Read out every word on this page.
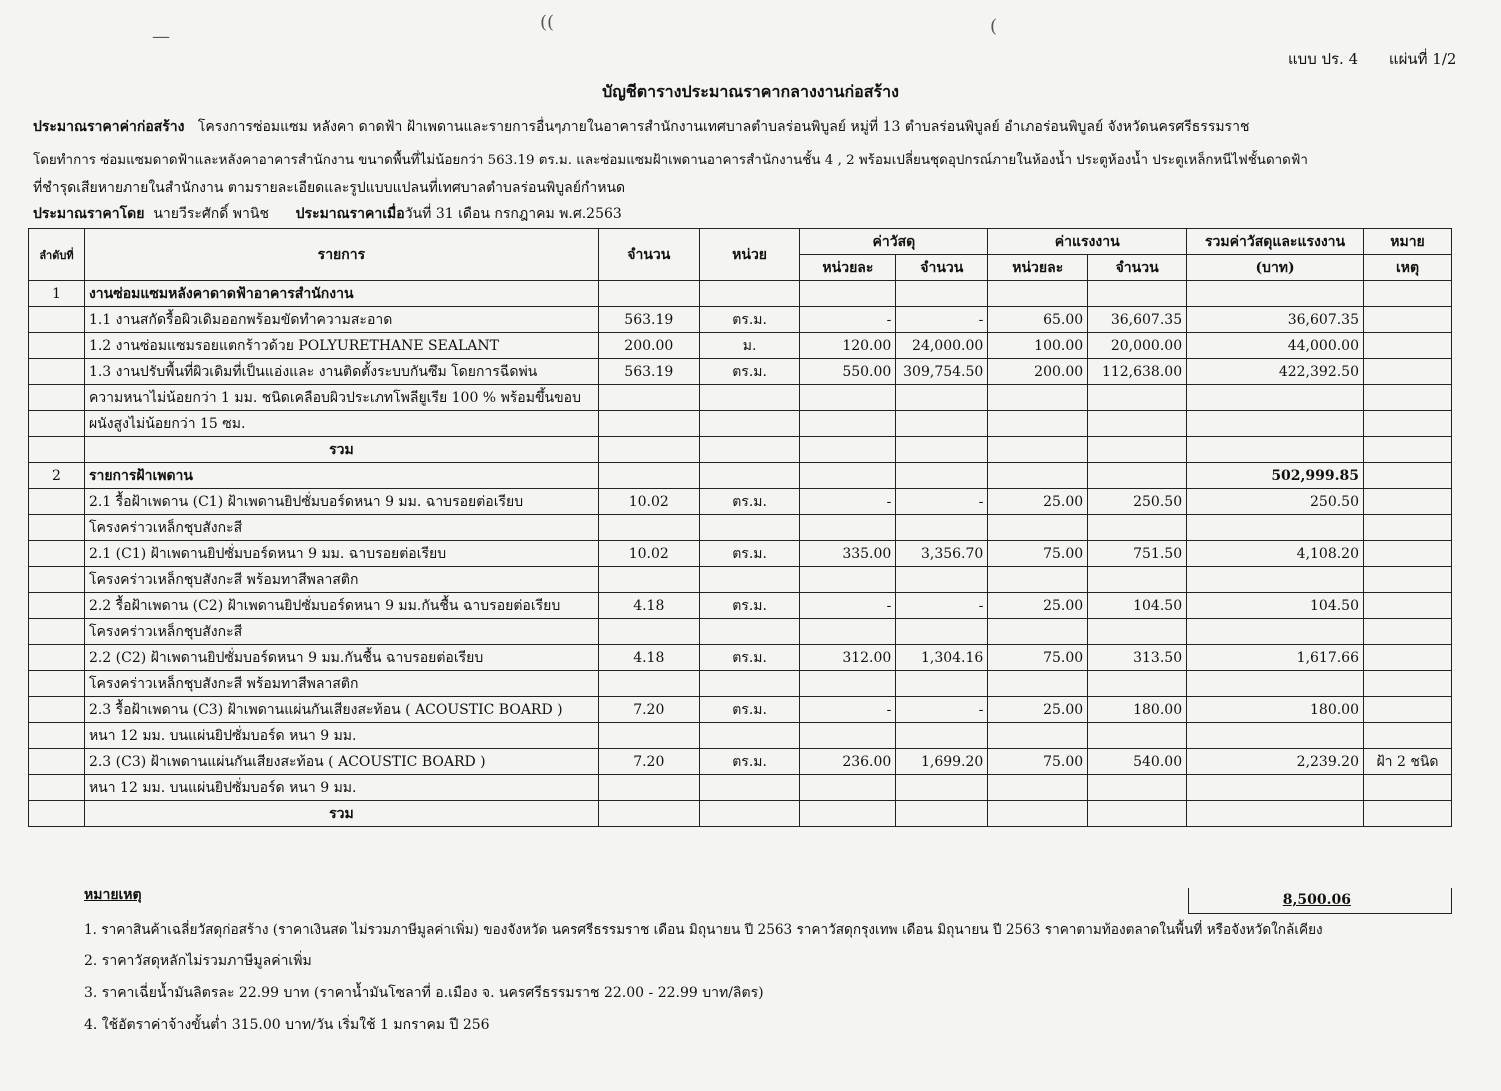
—
((	(
แบบ ปร. 4 แผ่นที่ 1/2
บัญชีตารางประมาณราคากลางงานก่อสร้าง
ประมาณราคาค่าก่อสร้าง โครงการซ่อมแซม หลังคา ดาดฟ้า ฝ้าเพดานและรายการอื่นๆภายในอาคารสำนักงานเทศบาลตำบลร่อนพิบูลย์ หมู่ที่ 13 ตำบลร่อนพิบูลย์ อำเภอร่อนพิบูลย์ จังหวัดนครศรีธรรมราช
โดยทำการ ซ่อมแซมดาดฟ้าและหลังคาอาคารสำนักงาน ขนาดพื้นที่ไม่น้อยกว่า 563.19 ตร.ม. และซ่อมแซมฝ้าเพดานอาคารสำนักงานชั้น 4 , 2 พร้อมเปลี่ยนชุดอุปกรณ์ภายในห้องน้ำ ประตูห้องน้ำ ประตูเหล็กหนีไฟชั้นดาดฟ้า
ที่ชำรุดเสียหายภายในสำนักงาน ตามรายละเอียดและรูปแบบแปลนที่เทศบาลตำบลร่อนพิบูลย์กำหนด
ประมาณราคาโดย นายวีระศักดิ์ พานิช ประมาณราคาเมื่อวันที่ 31 เดือน กรกฎาคม พ.ศ.2563
ลำดับที่	รายการ	จำนวน	หน่วย	ค่าวัสดุ		ค่าแรงงาน		รวมค่าวัสดุและแรงงาน	หมาย
				หน่วยละ	จำนวน	หน่วยละ	จำนวน	(บาท)	เหตุ
1	งานซ่อมแซมหลังคาดาดฟ้าอาคารสำนักงาน								
	1.1 งานสกัดรื้อผิวเดิมออกพร้อมขัดทำความสะอาด	563.19	ตร.ม.	-	-	65.00	36,607.35	36,607.35	
	1.2 งานซ่อมแซมรอยแตกร้าวด้วย POLYURETHANE SEALANT	200.00	ม.	120.00	24,000.00	100.00	20,000.00	44,000.00	
	1.3 งานปรับพื้นที่ผิวเดิมที่เป็นแอ่งและ งานติดตั้งระบบกันซึม โดยการฉีดพ่น	563.19	ตร.ม.	550.00	309,754.50	200.00	112,638.00	422,392.50	
	ความหนาไม่น้อยกว่า 1 มม. ชนิดเคลือบผิวประเภทโพลียูเรีย 100 % พร้อมขึ้นขอบ								
	ผนังสูงไม่น้อยกว่า 15 ซม.								
	รวม								
2	รายการฝ้าเพดาน							502,999.85	
	2.1 รื้อฝ้าเพดาน (C1) ฝ้าเพดานยิปซั่มบอร์ดหนา 9 มม. ฉาบรอยต่อเรียบ	10.02	ตร.ม.	-	-	25.00	250.50	250.50	
	โครงคร่าวเหล็กชุบสังกะสี								
	2.1 (C1) ฝ้าเพดานยิปซั่มบอร์ดหนา 9 มม. ฉาบรอยต่อเรียบ	10.02	ตร.ม.	335.00	3,356.70	75.00	751.50	4,108.20	
	โครงคร่าวเหล็กชุบสังกะสี พร้อมทาสีพลาสติก								
	2.2 รื้อฝ้าเพดาน (C2) ฝ้าเพดานยิปซั่มบอร์ดหนา 9 มม.กันชื้น ฉาบรอยต่อเรียบ	4.18	ตร.ม.	-	-	25.00	104.50	104.50	
	โครงคร่าวเหล็กชุบสังกะสี								
	2.2 (C2) ฝ้าเพดานยิปซั่มบอร์ดหนา 9 มม.กันชื้น ฉาบรอยต่อเรียบ	4.18	ตร.ม.	312.00	1,304.16	75.00	313.50	1,617.66	
	โครงคร่าวเหล็กชุบสังกะสี พร้อมทาสีพลาสติก								
	2.3 รื้อฝ้าเพดาน (C3) ฝ้าเพดานแผ่นกันเสียงสะท้อน ( ACOUSTIC BOARD )	7.20	ตร.ม.	-	-	25.00	180.00	180.00	
	หนา 12 มม. บนแผ่นยิปซั่มบอร์ด หนา 9 มม.								
	2.3 (C3) ฝ้าเพดานแผ่นกันเสียงสะท้อน ( ACOUSTIC BOARD )	7.20	ตร.ม.	236.00	1,699.20	75.00	540.00	2,239.20	ฝ้า 2 ชนิด
	หนา 12 มม. บนแผ่นยิปซั่มบอร์ด หนา 9 มม.								
	รวม								
8,500.06
หมายเหตุ
1. ราคาสินค้าเฉลี่ยวัสดุก่อสร้าง (ราคาเงินสด ไม่รวมภาษีมูลค่าเพิ่ม) ของจังหวัด นครศรีธรรมราช เดือน มิถุนายน ปี 2563 ราคาวัสดุกรุงเทพ เดือน มิถุนายน ปี 2563 ราคาตามท้องตลาดในพื้นที่ หรือจังหวัดใกล้เคียง
2. ราคาวัสดุหลักไม่รวมภาษีมูลค่าเพิ่ม
3. ราคาเฉี่ยน้ำมันลิตรละ 22.99 บาท (ราคาน้ำมันโซลาที่ อ.เมือง จ. นครศรีธรรมราช 22.00 - 22.99 บาท/ลิตร)
4. ใช้อัตราค่าจ้างขั้นต่ำ 315.00 บาท/วัน เริ่มใช้ 1 มกราคม ปี 256
